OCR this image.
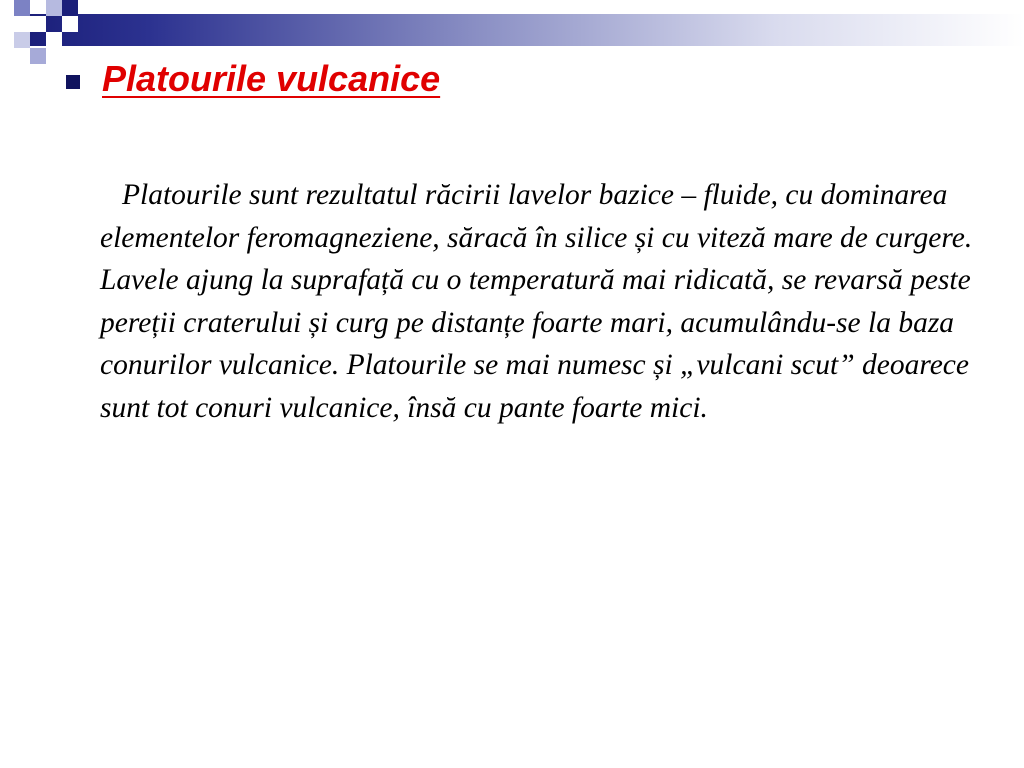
Platourile vulcanice

Platourile sunt rezultatul răcirii lavelor bazice – fluide, cu dominarea elementelor feromagneziene, săracă în silice și cu viteză mare de curgere. Lavele ajung la suprafață cu o temperatură mai ridicată, se revarsă peste pereții craterului și curg pe distanțe foarte mari, acumulându-se la baza conurilor vulcanice. Platourile se mai numesc și „vulcani scut” deoarece sunt tot conuri vulcanice, însă cu pante foarte mici.
